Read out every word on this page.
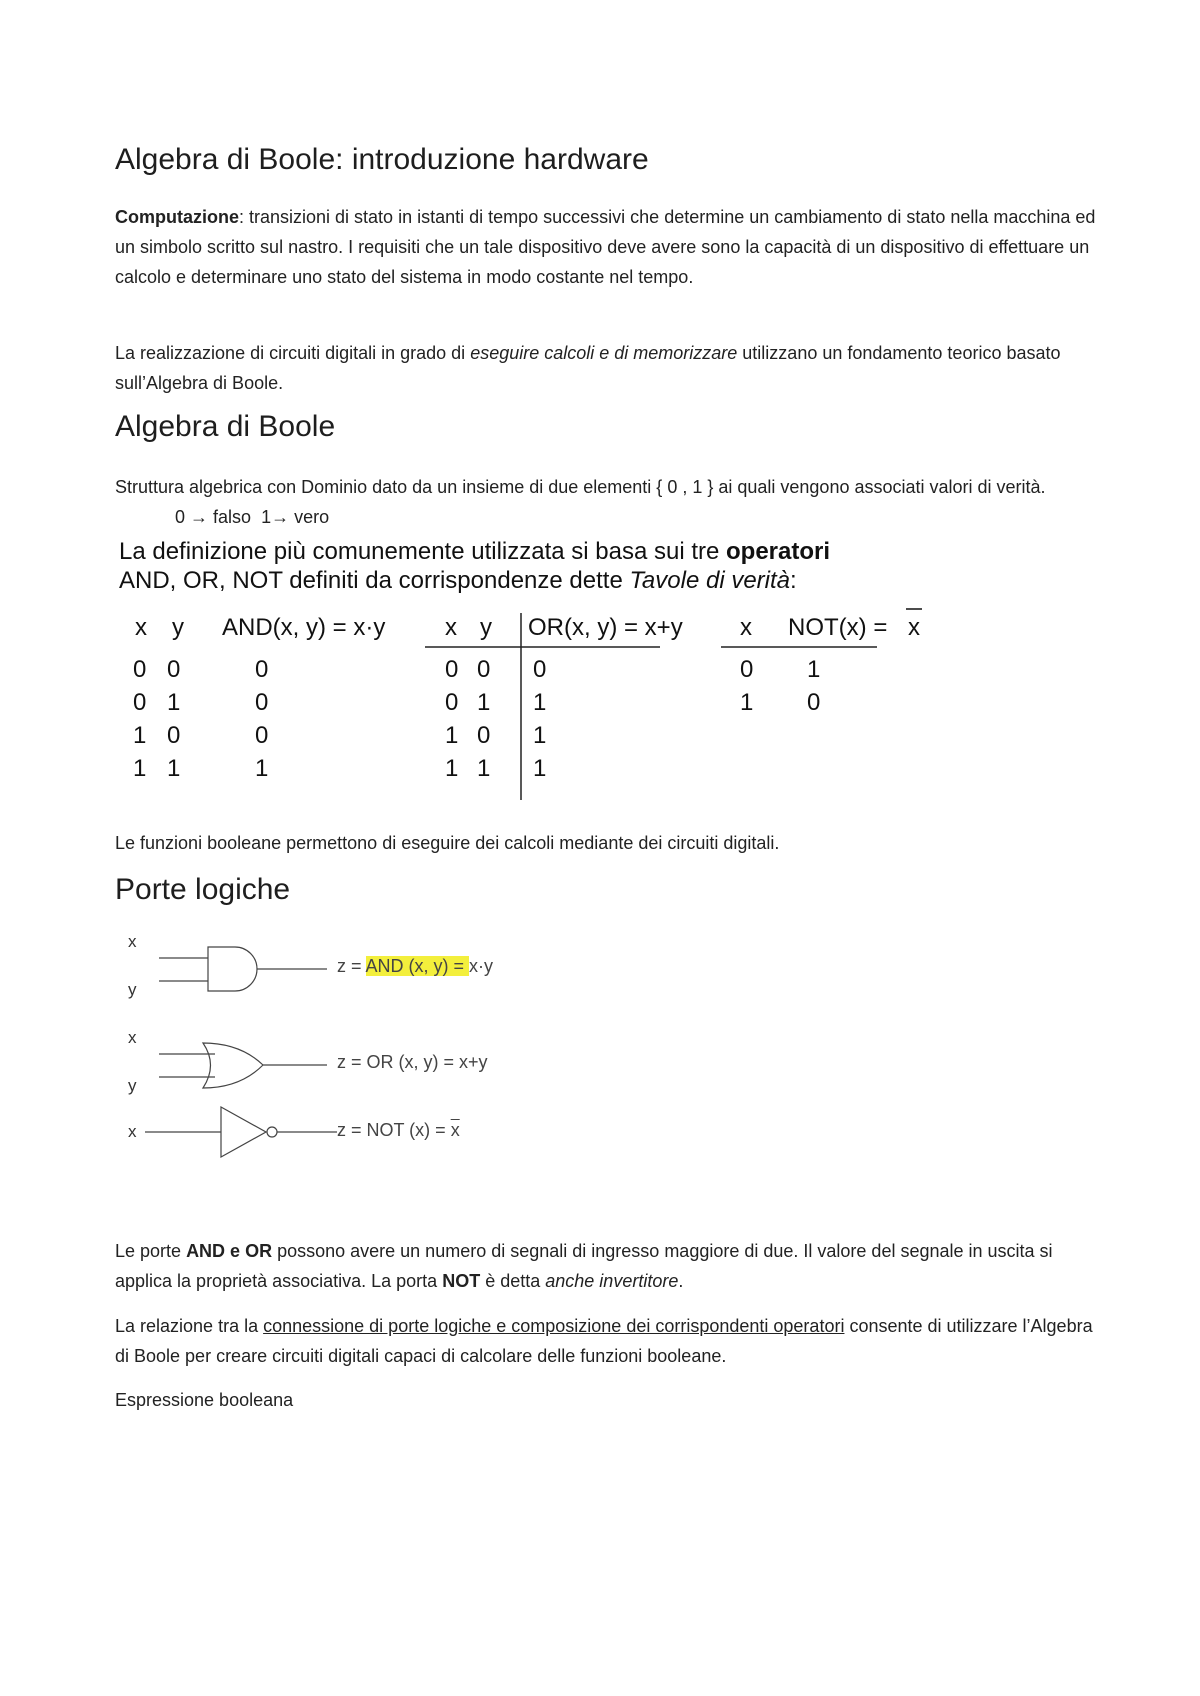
Algebra di Boole: introduzione hardware

Computazione: transizioni di stato in istanti di tempo successivi che determine un cambiamento di stato nella macchina ed un simbolo scritto sul nastro. I requisiti che un tale dispositivo deve avere sono la capacità di un dispositivo di effettuare un calcolo e determinare uno stato del sistema in modo costante nel tempo.

La realizzazione di circuiti digitali in grado di eseguire calcoli e di memorizzare utilizzano un fondamento teorico basato sull’Algebra di Boole.

Algebra di Boole

Struttura algebrica con Dominio dato da un insieme di due elementi { 0 , 1 } ai quali vengono associati valori di verità.0 → falso 1→ vero

Le funzioni booleane permettono di eseguire dei calcoli mediante dei circuiti digitali.

Porte logiche

Le porte AND e OR possono avere un numero di segnali di ingresso maggiore di due. Il valore del segnale in uscita si applica la proprietà associativa. La porta NOT è detta anche invertitore.

La relazione tra la connessione di porte logiche e composizione dei corrispondenti operatori consente di utilizzare l’Algebra di Boole per creare circuiti digitali capaci di calcolare delle funzioni booleane.

Espressione booleana

La definizione più comunemente utilizzata si basa sui tre operatori
AND, OR, NOT definiti da corrispondenze dette Tavole di verità:
x y AND(x, y) = x·y
0 0	0
0 1	0
1 0	0
1 1	1
x y OR(x, y) = x+y
0 0 0
0 1 1
1 0 1
1 1 1
x NOT(x) = x
0 1
1 0
x
y
x
y
x
z = AND (x, y) = x·y
z = OR (x, y) = x+y
z = NOT $(x) = \overline{x}$
